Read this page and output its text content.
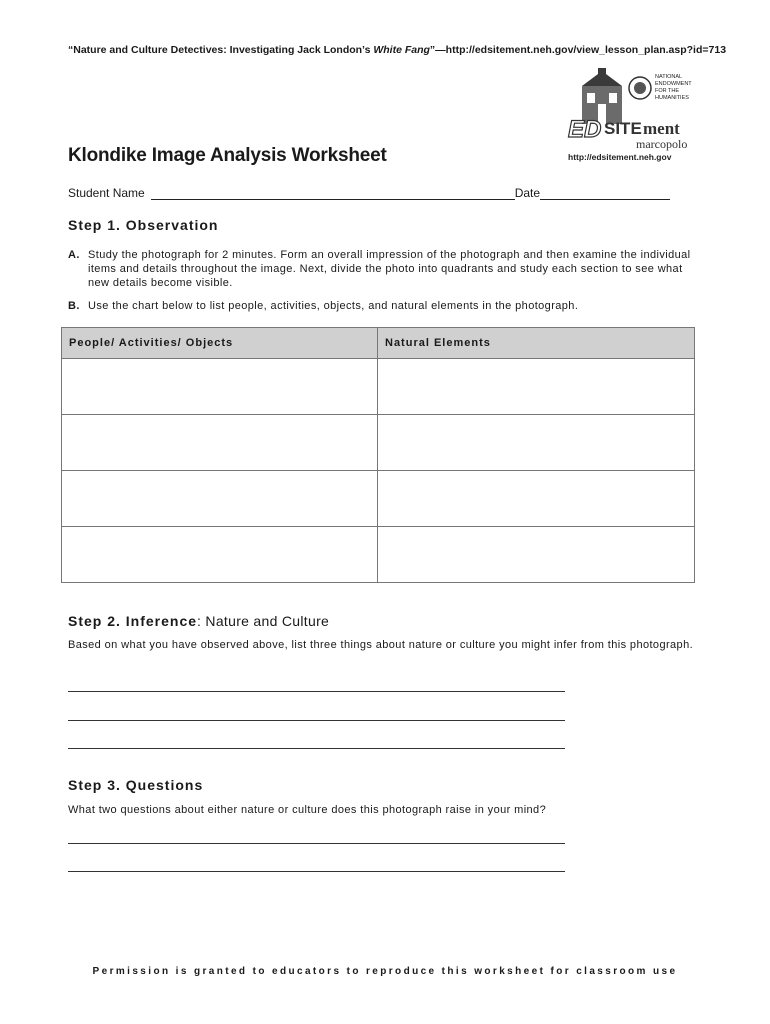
“Nature and Culture Detectives: Investigating Jack London’s White Fang”—http://edsitement.neh.gov/view_lesson_plan.asp?id=713
NATIONAL
ENDOWMENT
FOR THE
HUMANITIES
ED SITE ment
marcopolo
http://edsitement.neh.gov
Klondike Image Analysis Worksheet
Student Name	Date
Step 1. Observation
A. Study the photograph for 2 minutes. Form an overall impression of the photograph and then examine the individual items and details throughout the image. Next, divide the photo into quadrants and study each section to see what new details become visible.
B. Use the chart below to list people, activities, objects, and natural elements in the photograph.
People/ Activities/ Objects	Natural Elements

Step 2. Inference: Nature and Culture
Based on what you have observed above, list three things about nature or culture you might infer from this photograph.
Step 3. Questions
What two questions about either nature or culture does this photograph raise in your mind?
Permission is granted to educators to reproduce this worksheet for classroom use
